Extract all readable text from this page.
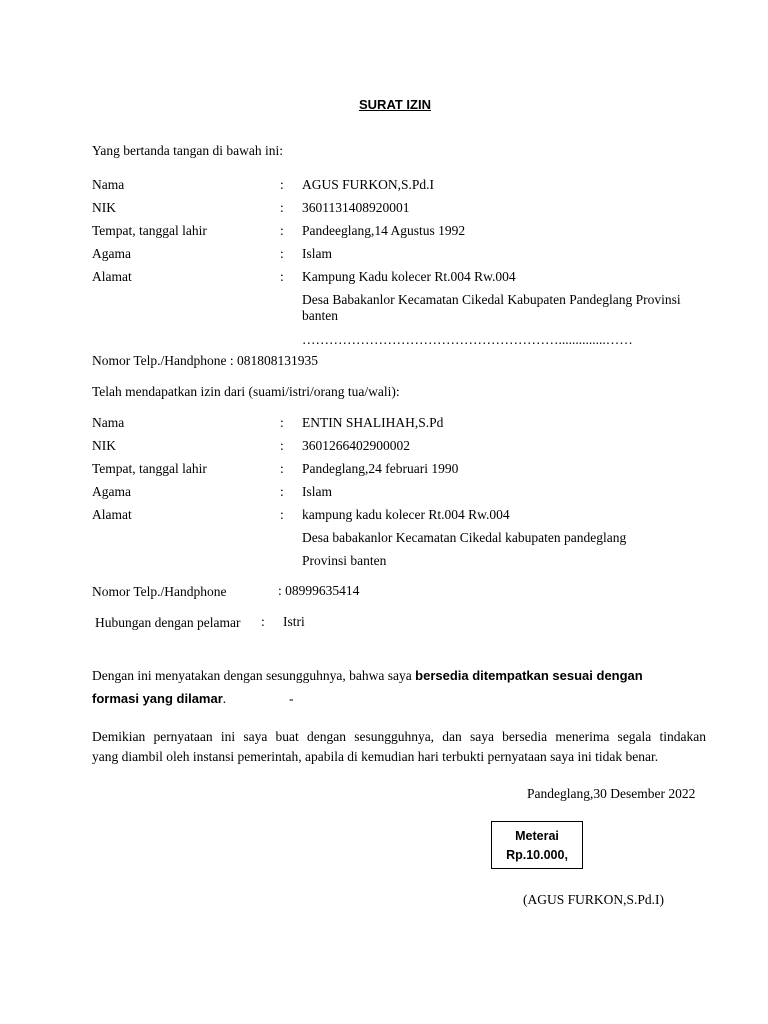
SURAT IZIN
Yang bertanda tangan di bawah ini:
Nama	: AGUS FURKON,S.Pd.I
NIK	: 3601131408920001
Tempat, tanggal lahir	: Pandeeglang,14 Agustus 1992
Agama	: Islam
Alamat	: Kampung Kadu kolecer Rt.004 Rw.004
Desa Babakanlor Kecamatan Cikedal Kabupaten Pandeglang Provinsi
banten
…………………………………………………..............……
Nomor Telp./Handphone : 081808131935
Telah mendapatkan izin dari (suami/istri/orang tua/wali):
Nama	: ENTIN SHALIHAH,S.Pd
NIK	: 3601266402900002
Tempat, tanggal lahir	: Pandeglang,24 februari 1990
Agama	: Islam
Alamat	: kampung kadu kolecer Rt.004 Rw.004
Desa babakanlor Kecamatan Cikedal kabupaten pandeglang
Provinsi banten
Nomor Telp./Handphone	: 08999635414
Hubungan dengan pelamar : Istri
Dengan ini menyatakan dengan sesungguhnya, bahwa saya bersedia ditempatkan sesuai dengan
formasi yang dilamar.	-
Demikian pernyataan ini saya buat dengan sesungguhnya, dan saya bersedia menerima segala tindakan
yang diambil oleh instansi pemerintah, apabila di kemudian hari terbukti pernyataan saya ini tidak benar.
Pandeglang,30 Desember 2022
Meterai
Rp.10.000,
(AGUS FURKON,S.Pd.I)
